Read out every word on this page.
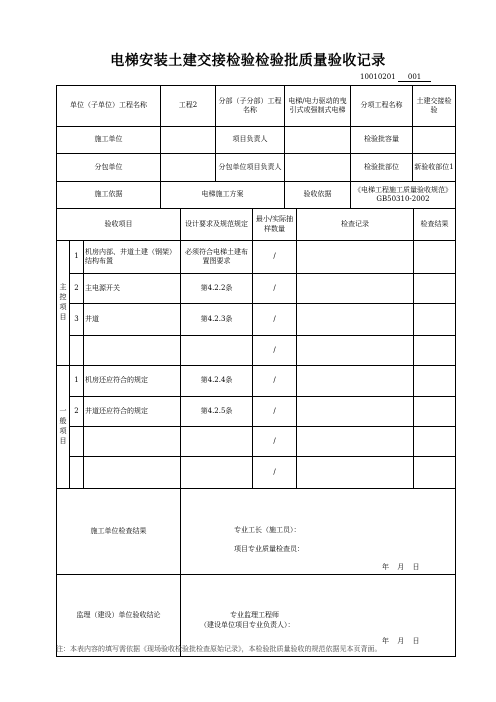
电梯安装土建交接检验检验批质量验收记录
10010201 001
单位（子单位）工程名称	工程2	分部（子分部）工程名称	电梯/电力驱动的曳引式或强制式电梯	分项工程名称	土建交接检验
施工单位		项目负责人		检验批容量	
分包单位		分包单位项目负责人		检验批部位	新验收部位1
施工依据	电梯施工方案		验收依据	《电梯工程施工质量验收规范》GB50310-2002	
验收项目			设计要求及规范规定	最小/实际抽样数量	检查记录	检查结果
主控项目	1	机房内部、井道土建（钢架）结构布置	必须符合电梯土建布置图要求	/		
	2	主电源开关	第4.2.2条	/		
	3	井道	第4.2.3条	/		
				/		
一般项目	1	机房还应符合的规定	第4.2.4条	/		
	2	井道还应符合的规定	第4.2.5条	/		
				/		
				/		
施工单位检查结果						
监理（建设）单位验收结论						
专业工长（施工员）：
项目专业质量检查员：
年 月 日
专业监理工程师
（建设单位项目专业负责人）：
年 月 日
注：本表内容的填写需依据《现场验收检验批检查原始记录》，本检验批质量验收的规范依据见本页背面。
